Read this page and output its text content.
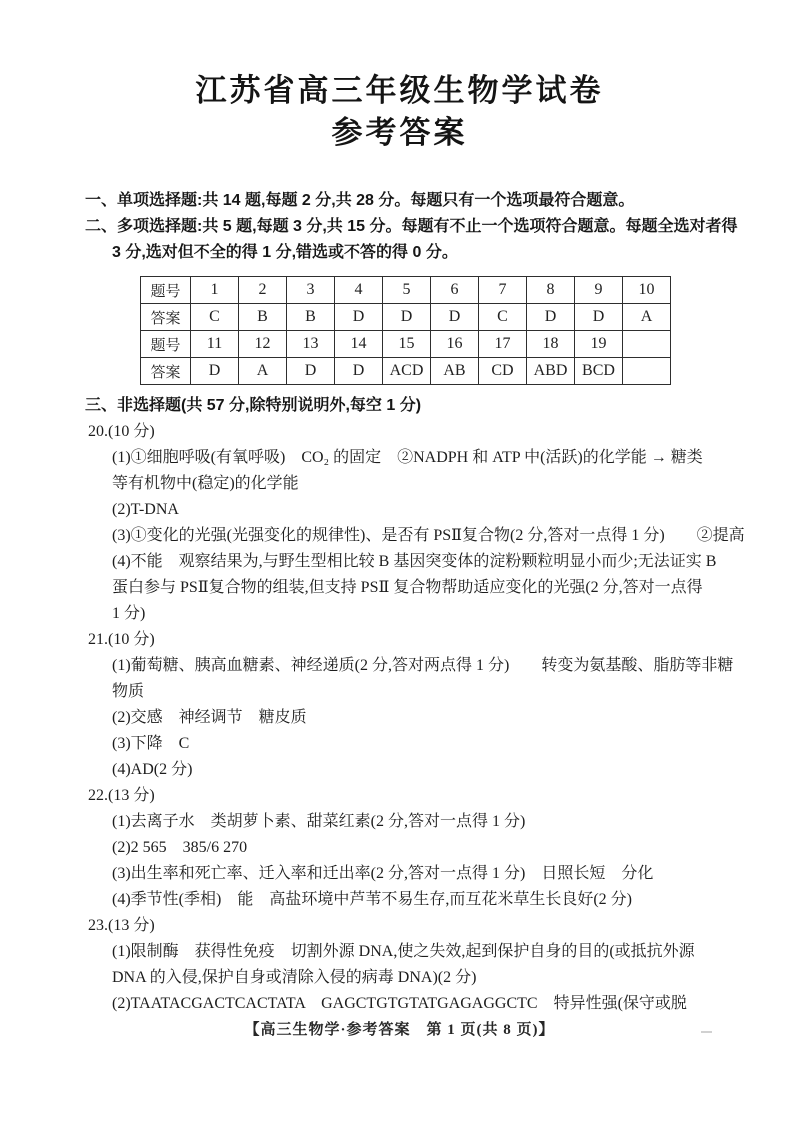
江苏省高三年级生物学试卷
参考答案
一、单项选择题:共 14 题,每题 2 分,共 28 分。每题只有一个选项最符合题意。
二、多项选择题:共 5 题,每题 3 分,共 15 分。每题有不止一个选项符合题意。每题全选对者得
3 分,选对但不全的得 1 分,错选或不答的得 0 分。
题号	1	2	3	4	5	6	7	8	9	10
答案	C	B	B	D	D	D	C	D	D	A
题号	11	12	13	14	15	16	17	18	19	
答案	D	A	D	D	ACD	AB	CD	ABD	BCD	
三、非选择题(共 57 分,除特别说明外,每空 1 分)
20.(10 分)
(1)①细胞呼吸(有氧呼吸)　CO₂ 的固定　②NADPH 和 ATP 中(活跃)的化学能 → 糖类
等有机物中(稳定)的化学能
(2)T-DNA
(3)①变化的光强(光强变化的规律性)、是否有 PSⅡ复合物(2 分,答对一点得 1 分)　　②提高
(4)不能　观察结果为,与野生型相比较 B 基因突变体的淀粉颗粒明显小而少;无法证实 B
蛋白参与 PSⅡ复合物的组装,但支持 PSⅡ 复合物帮助适应变化的光强(2 分,答对一点得
1 分)
21.(10 分)
(1)葡萄糖、胰高血糖素、神经递质(2 分,答对两点得 1 分)　　转变为氨基酸、脂肪等非糖
物质
(2)交感　神经调节　糖皮质
(3)下降　C
(4)AD(2 分)
22.(13 分)
(1)去离子水　类胡萝卜素、甜菜红素(2 分,答对一点得 1 分)
(2)2 565　385/6 270
(3)出生率和死亡率、迁入率和迁出率(2 分,答对一点得 1 分)　日照长短　分化
(4)季节性(季相)　能　高盐环境中芦苇不易生存,而互花米草生长良好(2 分)
23.(13 分)
(1)限制酶　获得性免疫　切割外源 DNA,使之失效,起到保护自身的目的(或抵抗外源
DNA 的入侵,保护自身或清除入侵的病毒 DNA)(2 分)
(2)TAATACGACTCACTATA　GAGCTGTGTATGAGAGGCTC　特异性强(保守或脱
【高三生物学·参考答案　第 1 页(共 8 页)】
